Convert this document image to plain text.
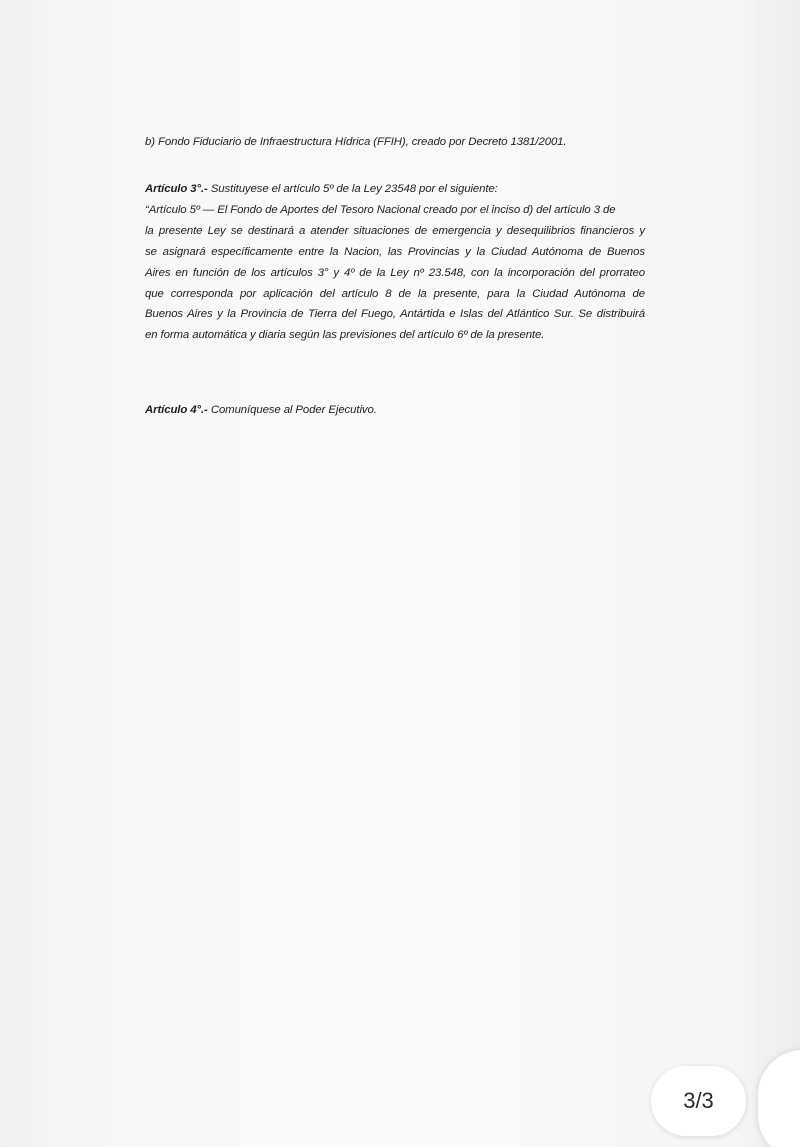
b) Fondo Fiduciario de Infraestructura Hídrica (FFIH), creado por Decreto 1381/2001.
Artículo 3°.- Sustituyese el artículo 5º de la Ley 23548 por el siguiente:
“Artículo 5º — El Fondo de Aportes del Tesoro Nacional creado por el inciso d) del artículo 3 de
la presente Ley se destinará a atender situaciones de emergencia y desequilibrios financieros y
se asignará específicamente entre la Nacion, las Provincias y la Ciudad Autónoma de Buenos
Aires en función de los artículos 3° y 4º de la Ley nº 23.548, con la incorporación del prorrateo
que corresponda por aplicación del artículo 8 de la presente, para la Ciudad Autónoma de
Buenos Aires y la Provincia de Tierra del Fuego, Antártida e Islas del Atlántico Sur. Se distribuirá
en forma automática y diaria según las previsiones del artículo 6º de la presente.
Artículo 4°.- Comuníquese al Poder Ejecutivo.
3/3
